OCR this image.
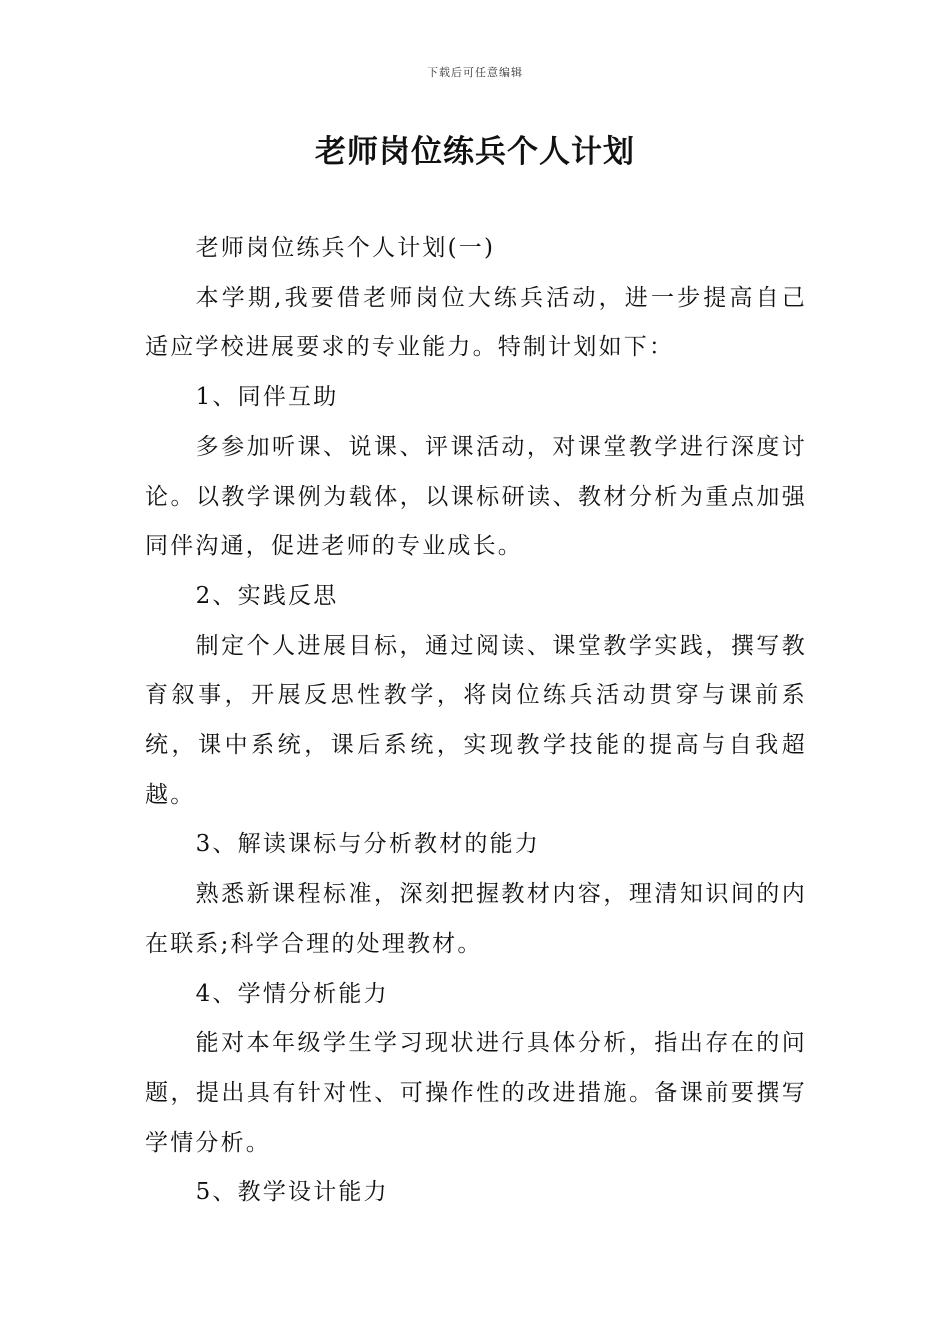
下载后可任意编辑
老师岗位练兵个人计划

老师岗位练兵个人计划(一)

本学期,我要借老师岗位大练兵活动，进一步提高自己适应学校进展要求的专业能力。特制计划如下：

1、同伴互助

多参加听课、说课、评课活动，对课堂教学进行深度讨论。以教学课例为载体，以课标研读、教材分析为重点加强同伴沟通，促进老师的专业成长。

2、实践反思

制定个人进展目标，通过阅读、课堂教学实践，撰写教育叙事，开展反思性教学，将岗位练兵活动贯穿与课前系统，课中系统，课后系统，实现教学技能的提高与自我超越。

3、解读课标与分析教材的能力

熟悉新课程标准，深刻把握教材内容，理清知识间的内在联系;科学合理的处理教材。

4、学情分析能力

能对本年级学生学习现状进行具体分析，指出存在的问题，提出具有针对性、可操作性的改进措施。备课前要撰写学情分析。

5、教学设计能力
